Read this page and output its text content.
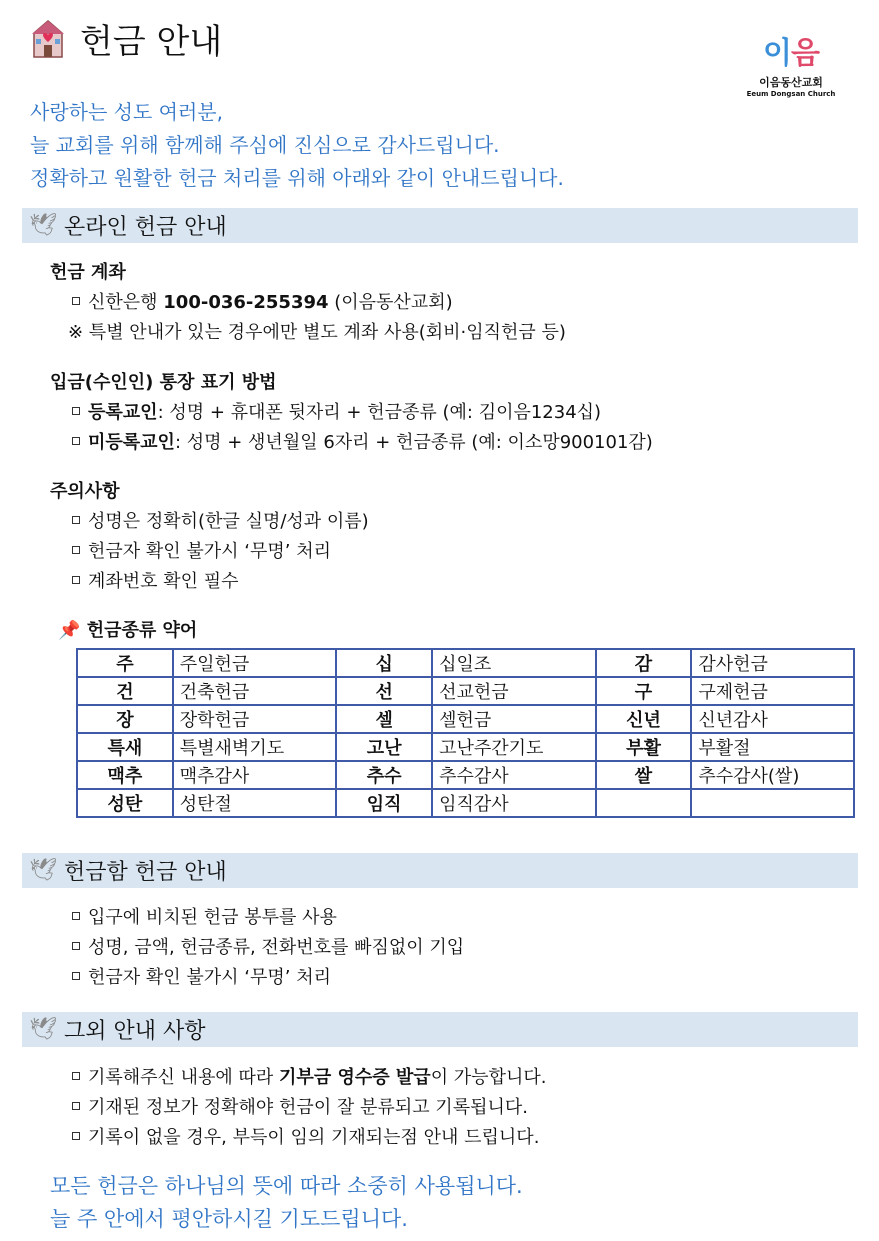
헌금 안내	이음
이음동산교회
Eeum Dongsan Church
사랑하는 성도 여러분,
늘 교회를 위해 함께해 주심에 진심으로 감사드립니다.
정확하고 원활한 헌금 처리를 위해 아래와 같이 안내드립니다.
🕊 온라인 헌금 안내
헌금 계좌
신한은행 100-036-255394 (이음동산교회)
※ 특별 안내가 있는 경우에만 별도 계좌 사용(회비·임직헌금 등)
입금(수인인) 통장 표기 방법
등록교인: 성명 + 휴대폰 뒷자리 + 헌금종류 (예: 김이음1234십)
미등록교인: 성명 + 생년월일 6자리 + 헌금종류 (예: 이소망900101감)
주의사항
성명은 정확히(한글 실명/성과 이름)
헌금자 확인 불가시 ‘무명’ 처리
계좌번호 확인 필수
📌 헌금종류 약어
주	주일헌금	십	십일조	감	감사헌금
건	건축헌금	선	선교헌금	구	구제헌금
장	장학헌금	셀	셀헌금	신년	신년감사
특새	특별새벽기도	고난	고난주간기도	부활	부활절
맥추	맥추감사	추수	추수감사	쌀	추수감사(쌀)
성탄	성탄절	임직	임직감사		
🕊 헌금함 헌금 안내
입구에 비치된 헌금 봉투를 사용
성명, 금액, 헌금종류, 전화번호를 빠짐없이 기입
헌금자 확인 불가시 ‘무명’ 처리
🕊 그외 안내 사항
기록해주신 내용에 따라 기부금 영수증 발급이 가능합니다.
기재된 정보가 정확해야 헌금이 잘 분류되고 기록됩니다.
기록이 없을 경우, 부득이 임의 기재되는점 안내 드립니다.
모든 헌금은 하나님의 뜻에 따라 소중히 사용됩니다.
늘 주 안에서 평안하시길 기도드립니다.
